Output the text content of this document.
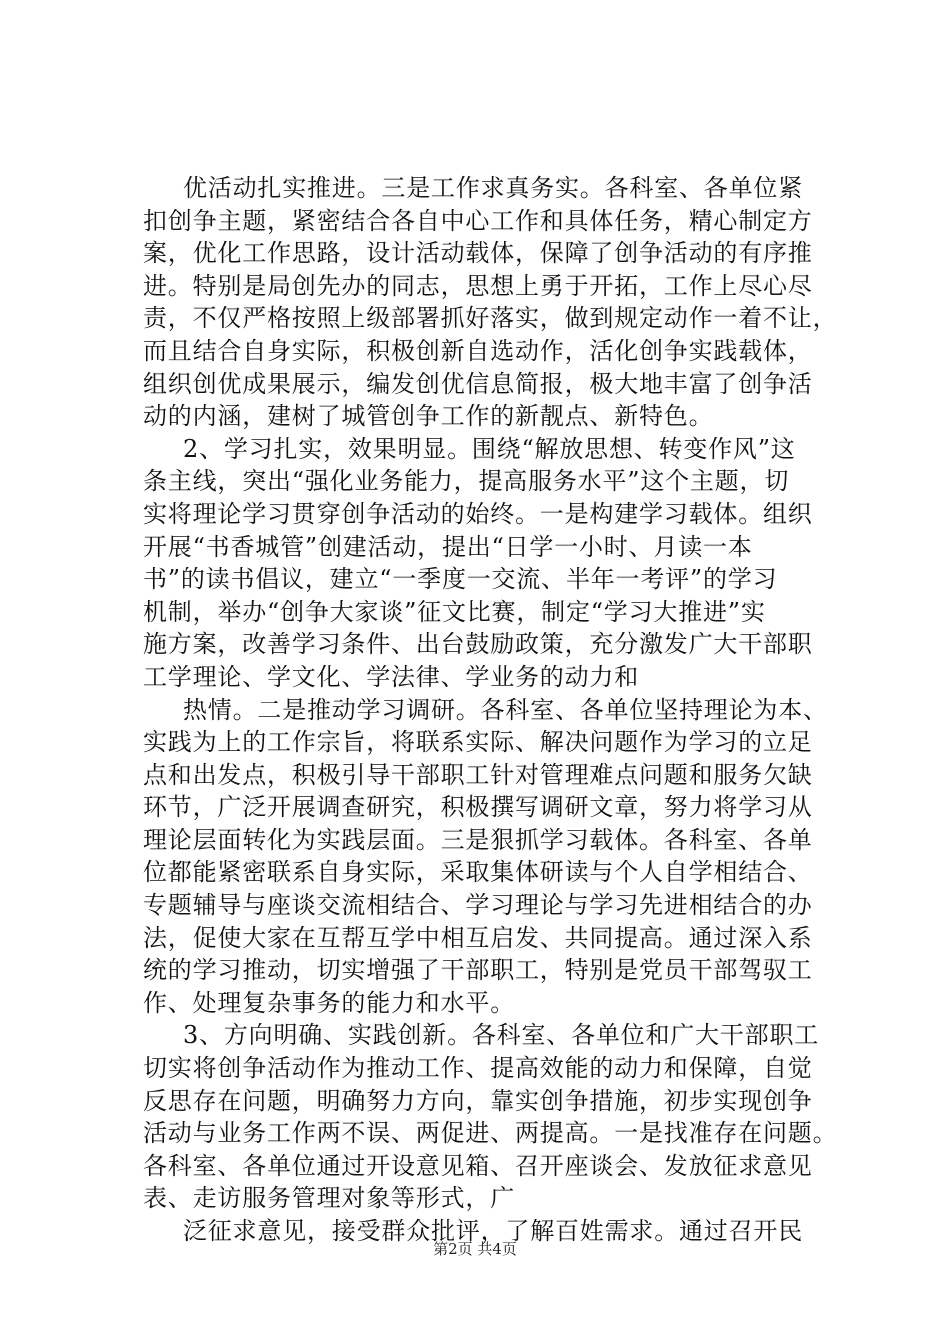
优活动扎实推进。三是工作求真务实。各科室、各单位紧
扣创争主题，紧密结合各自中心工作和具体任务，精心制定方
案，优化工作思路，设计活动载体，保障了创争活动的有序推
进。特别是局创先办的同志，思想上勇于开拓，工作上尽心尽
责，不仅严格按照上级部署抓好落实，做到规定动作一着不让，
而且结合自身实际，积极创新自选动作，活化创争实践载体，
组织创优成果展示，编发创优信息简报，极大地丰富了创争活
动的内涵，建树了城管创争工作的新靓点、新特色。
2、学习扎实，效果明显。围绕“解放思想、转变作风”这
条主线，突出“强化业务能力，提高服务水平”这个主题，切
实将理论学习贯穿创争活动的始终。一是构建学习载体。组织
开展“书香城管”创建活动，提出“日学一小时、月读一本
书”的读书倡议，建立“一季度一交流、半年一考评”的学习
机制，举办“创争大家谈”征文比赛，制定“学习大推进”实
施方案，改善学习条件、出台鼓励政策，充分激发广大干部职
工学理论、学文化、学法律、学业务的动力和
热情。二是推动学习调研。各科室、各单位坚持理论为本、
实践为上的工作宗旨，将联系实际、解决问题作为学习的立足
点和出发点，积极引导干部职工针对管理难点问题和服务欠缺
环节，广泛开展调查研究，积极撰写调研文章，努力将学习从
理论层面转化为实践层面。三是狠抓学习载体。各科室、各单
位都能紧密联系自身实际，采取集体研读与个人自学相结合、
专题辅导与座谈交流相结合、学习理论与学习先进相结合的办
法，促使大家在互帮互学中相互启发、共同提高。通过深入系
统的学习推动，切实增强了干部职工，特别是党员干部驾驭工
作、处理复杂事务的能力和水平。
3、方向明确、实践创新。各科室、各单位和广大干部职工
切实将创争活动作为推动工作、提高效能的动力和保障，自觉
反思存在问题，明确努力方向，靠实创争措施，初步实现创争
活动与业务工作两不误、两促进、两提高。一是找准存在问题。
各科室、各单位通过开设意见箱、召开座谈会、发放征求意见
表、走访服务管理对象等形式，广
泛征求意见，接受群众批评，了解百姓需求。通过召开民
第2页 共4页
